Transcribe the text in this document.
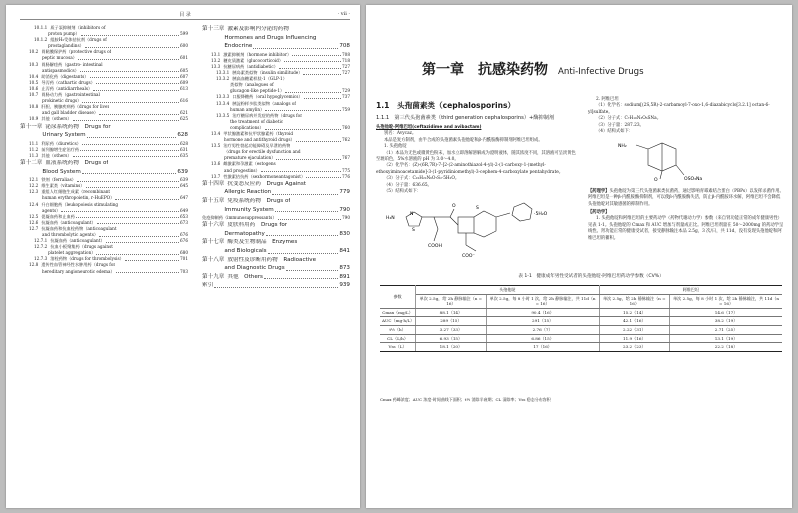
目 录	· vii ·
10.1.1 质子泵抑制剂（inhibitors of
proton pump）	599
10.1.2 组胺H₂受体拮抗剂（drugs of
prostaglandins）	600
10.2 胃黏膜保护药（protective drugs of
peptic mucosa）	601
10.3 胃肠解痉药（gastro- intestinal
antispasmodics）	605
10.4 助消化药（digestants）	607
10.5 导泻药（cathartic drugs）	609
10.6 止泻药（antidiarrheals）	613
10.7 胃肠动力药（gastrointestinal
prokinetic drugs）	616
10.8 肝胆、胰腺疾病药（drugs for liver
and gall bladder disease）	621
10.9 其他（others）	625
第十一章 泌尿系统药物　Drugs for
　　　　Urinary System	628
11.1 利尿药（diuretics）	628
11.2 前列腺增生症治疗药	631
11.3 其他（others）	635
第十二章 血液系统药物　Drugs of
　　　　Blood System	639
12.1 铁剂（ferralias）	639
12.2 维生素类（vitamins）	645
12.3 重组人红细胞生成素（recombinant
human erythropoietin, r-HuEPO）	647
12.4 升白细胞药（leukopoiesis stimulating
agents）	649
12.5 促凝血药和止血药	653
12.6 抗凝血药（anticoagulant）	673
12.7 抗凝血药和抗血栓药物（anticoagulant
and thrombolytic agents）	676
12.7.1 抗凝血药（anticoagulant）	676
12.7.2 抗血小板聚集药（drugs against
platelet aggregation）	680
12.7.3 溶栓药物（drugs for thrombolysis）	701
12.8 遗传性血管神经性水肿用药（drugs for
hereditary angioneurotic edema）	703
第十三章 激素及影响内分泌的药物
　　　　Hormones and Drugs Influencing
　　　　Endocrine	708
13.1 激素抑制剂（hormone inhibitor）	708
13.2 糖皮质激素（glucocorticoid）	718
13.3 抗糖尿病药（antidiabetic）	727
13.3.1 胰岛素类似物（insulin similitude）	727
13.3.2 胰高血糖素样肽-1（GLP-1）
类似物（analogues of
glucagon-like peptide-1）	729
13.3.3 口服降糖药（oral hypoglycemics）	737
13.3.4 胰淀粉样多肽类似物（analogs of
human amylin）	759
13.3.5 治疗糖尿病并发症的药物（drugs for
the treatment of diabetic
complications）	760
13.4 甲状腺激素和抗甲状腺素药（thyroid
hormone and antithyroid drugs）	762
13.5 治疗男性勃起功能障碍及早泄的药物
（drugs for erectile dysfunction and
premature ejaculation）	767
13.6 雌激素和孕激素（estogens
and progestins）	775
13.7 性激素拮抗药（sexhormoneantagonist）	776
第十四章 抗变态反应药　Drugs Against
　　　　Allergic Reaction	779
第十五章 免疫系统药物　Drugs of
　　　　Immunity System	790
免疫抑制药（immunosuppressants）	790
第十六章 皮肤科用药　Drugs for
　　　　Dermatopathy	830
第十七章 酶类及生物制品　Enzymes
　　　　and Biologicals	841
第十八章 放射性及诊断用药物　Radioactive
　　　　and Diagnostic Drugs	873
第十九章 其他　Others	891
索引	939
第一章　抗感染药物 Anti-Infective Drugs
1.1　头孢菌素类（cephalosporins）
1.1.1　第三代头孢菌素类（third generation cephalosporins）+酶抑制剂
头孢他啶-阿维巴坦(ceftazidime and avibactam)
别名：Avycaz。
本品是复方制剂，由半合成的头孢菌素头孢他啶和β-内酰胺酶抑制剂阿维巴坦组成。
1. 头孢他啶
（1）本品为无色或微黄色粉末，加水立即溶解溶解成为澄明液体，随其浓度不同，其溶液可呈淡黄色至琥珀色，5%水溶液的 pH 为 3.0～4.0。
（2）化学名：(Z)-(6R,7R)-7-[2-(2-aminothiazol-4-yl)-2-(1-carboxy-1-)methyl-ethoxyiminoacetamide]-3-(1-pyridiniomethyl)-3-cephem-4-carboxylate pentahydrate。
（3）分子式：C₂₂H₂₂N₆O₇S₂·5H₂O。
（4）分子量：636.65。
（5）结构式如下：
H₂N
N
S
S
O
COOH
COO⁻
·5H₂O
2. 阿维巴坦
（1）化学名：sodium[(2S,5R)-2-carbamoyl-7-oxo-1,6-diazabicyclo[3.2.1] octan-6-yl]sulfate。
（2）分子式：C₇H₁₀N₃O₆SNa。
（3）分子量：287.23。
（4）结构式如下：
NH₂
OSO₃Na
O
【药理学】头孢他啶为第三代头孢菌素类抗菌药，通过影响青霉素结合蛋白（PBPs）以发挥杀菌作用。阿维巴坦是一种β-内酰胺酶抑制剂，可以使β-内酰胺酶失活，防止β-内酰胺环水解，阿维巴坦不会降低头孢他啶对其敏感菌的抑制作用。
【药动学】
1. 头孢他啶和阿维巴坦的主要药动学（药物代谢动力学）参数（来自肾功能正常的成年健康男性）见表 1-1。头孢他啶的 Cmax 和 AUC 增加与剂量成正比。阿维巴坦剂量在 50～2000mg 的药动学呈线性。肾功能正常的健康受试者，接受静脉输注本品 2.5g，3 次/日，共 11d，没有发现头孢他啶和阿维巴坦的蓄积。
表 1-1　健康成年男性受试者的头孢他啶-阿维巴坦药动学参数（CV%）
参数	头孢他啶		阿维巴坦	
	单次 2.5g，给 2h 静脉输注（n = 16）	单次 2.5g，每 8 小时 1 次，给 2h 静脉输注，共 11d（n = 16）	单次 2.5g，给 2h 静脉输注（n = 16）	单次 2.5g，每 8 小时 1 次，给 2h 静脉输注，共 11d（n = 16）
Cmax（mg/L）	88.1（14）	90.4（16）	15.2（14）	14.6（17）
AUC（mg·h/L）	289（15）	291（15）	42.1（16）	38.2（19）
t½（h）	3.27（33）	2.76（7）	2.22（31）	2.71（25）
CL（L/h）	6.93（15）	6.86（15）	11.9（16）	13.1（19）
Vss（L）	18.1（20）	17（16）	23.2（23）	22.2（18）
Cmax 药峰浓度；AUC 浓度-时间曲线下面积；t½ 消除半衰期；CL 清除率；Vss 稳态分布容积
